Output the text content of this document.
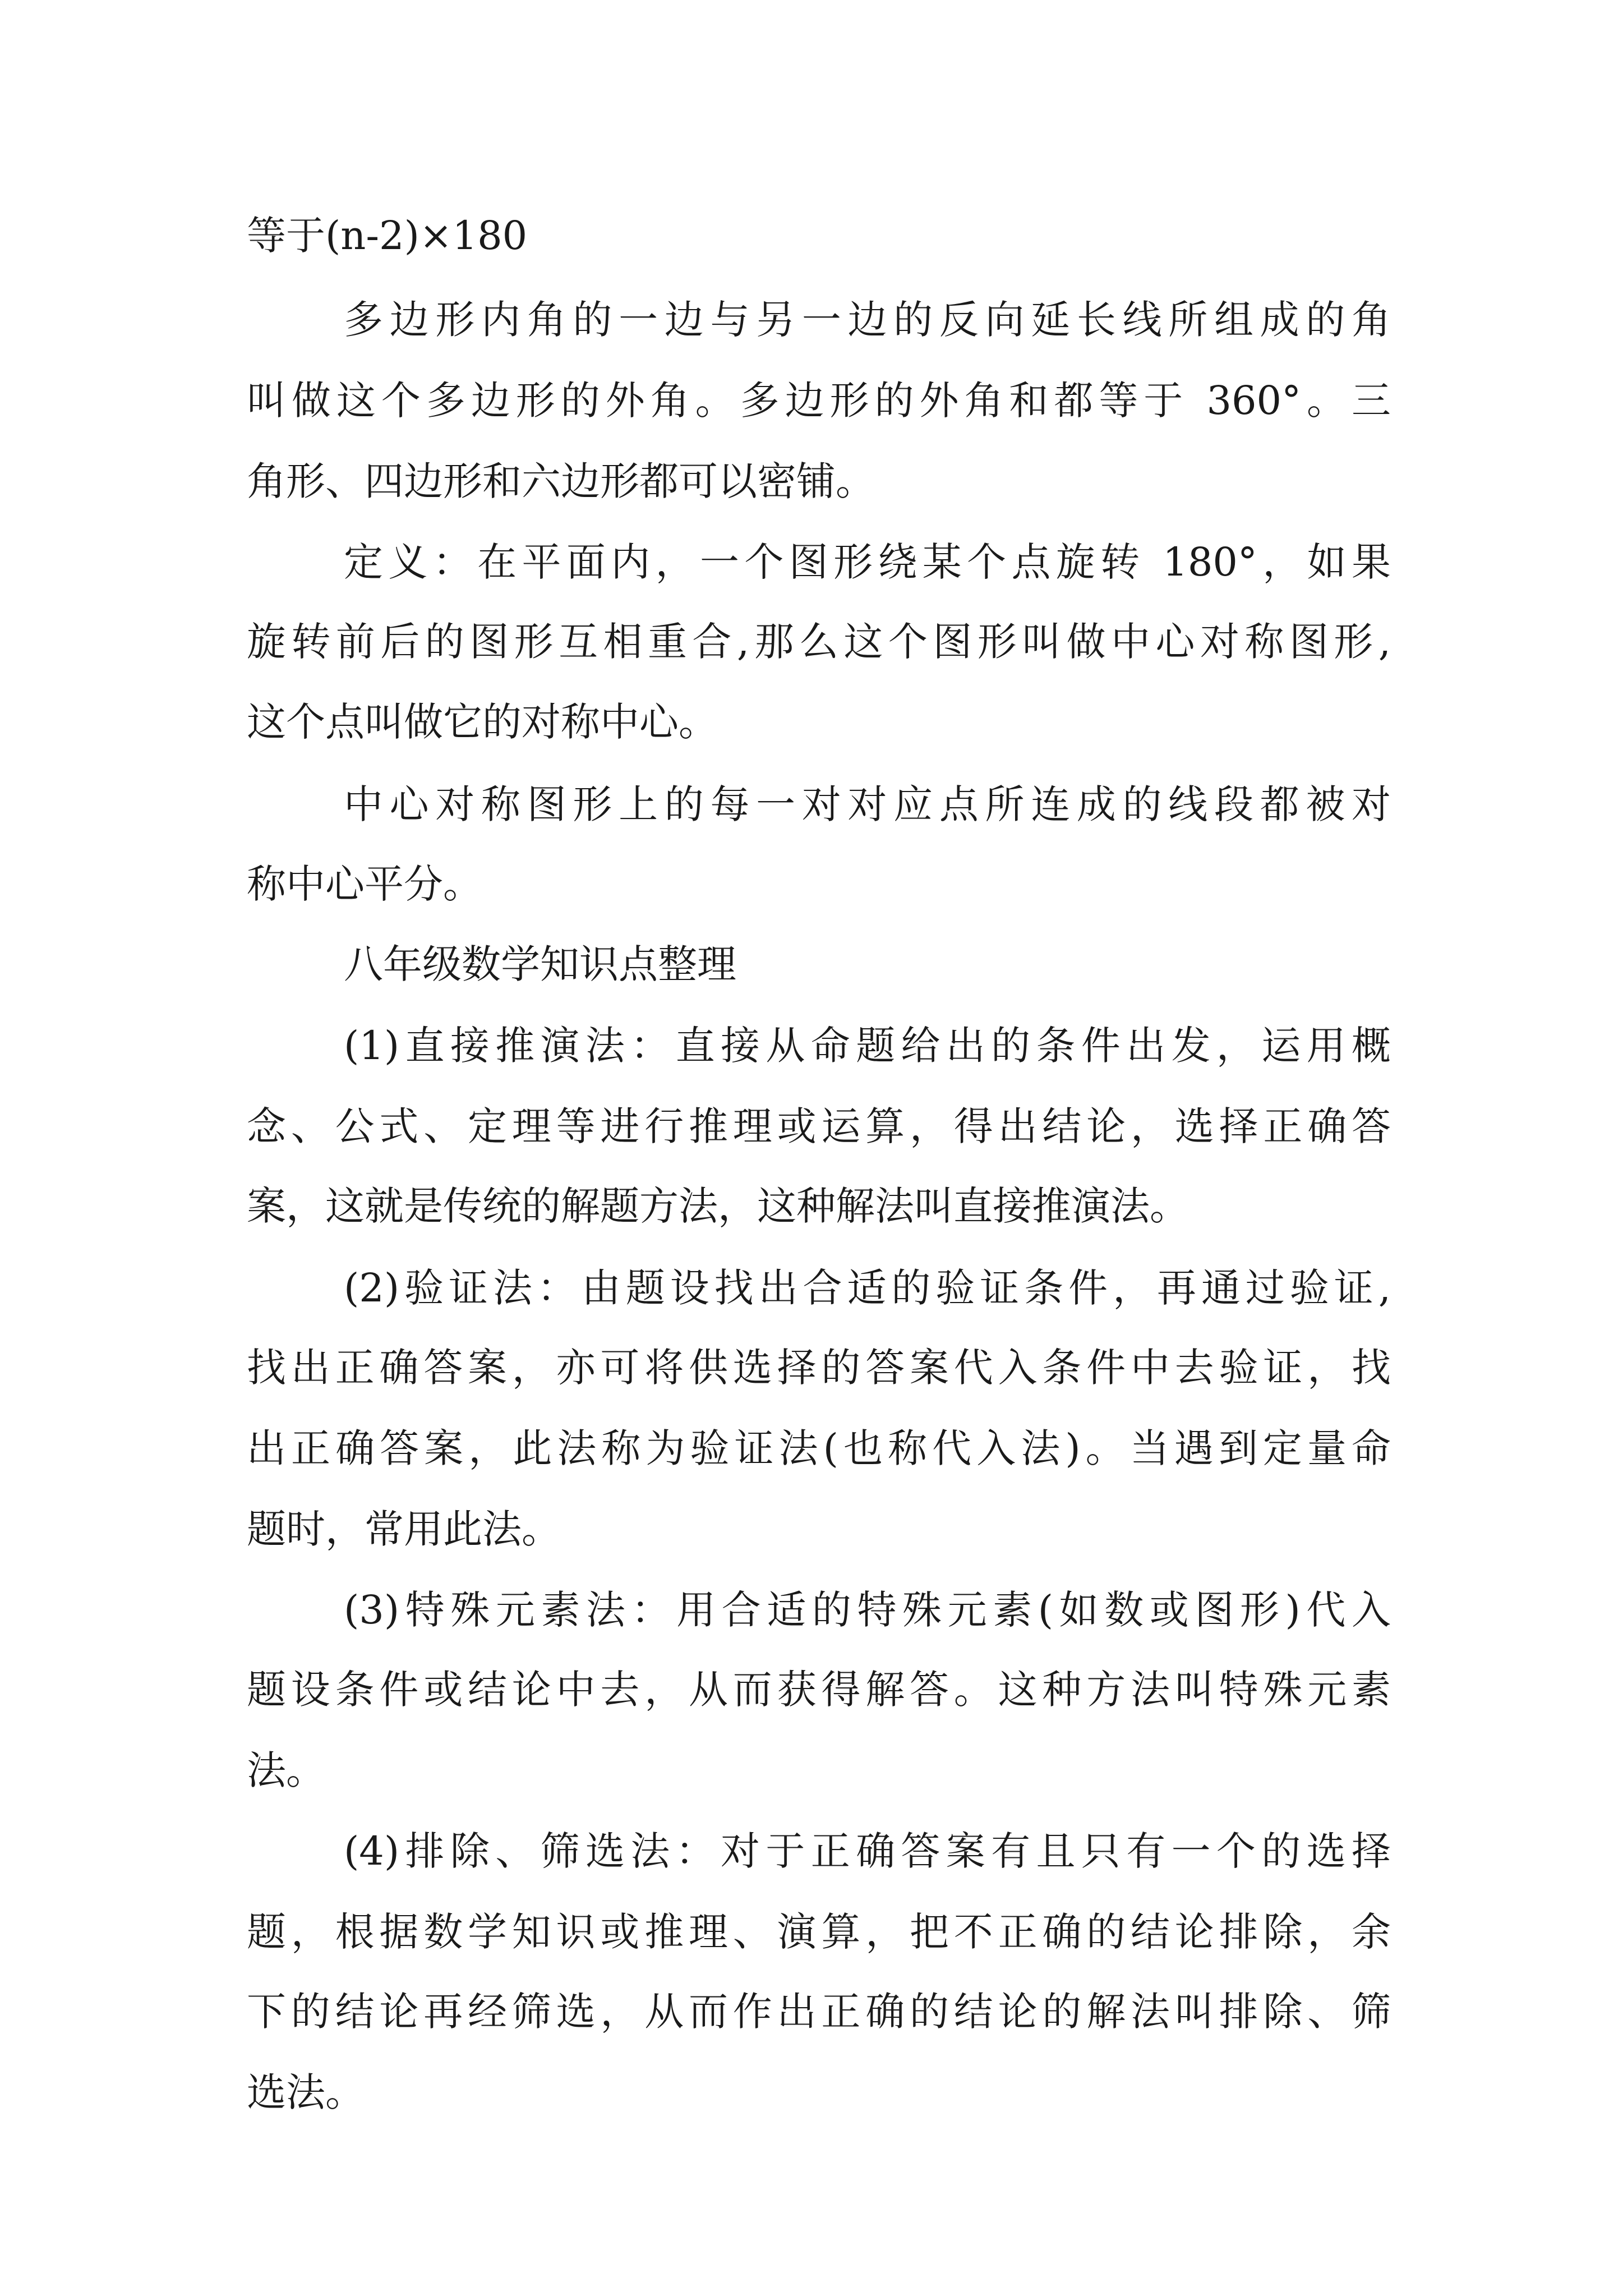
等于(n-2)×180
多边形内角的一边与另一边的反向延长线所组成的角
叫做这个多边形的外角。多边形的外角和都等于 360°。三
角形、四边形和六边形都可以密铺。
定义：在平面内，一个图形绕某个点旋转 180°，如果
旋转前后的图形互相重合,那么这个图形叫做中心对称图形,
这个点叫做它的对称中心。
中心对称图形上的每一对对应点所连成的线段都被对
称中心平分。
八年级数学知识点整理
(1)直接推演法：直接从命题给出的条件出发，运用概
念、公式、定理等进行推理或运算，得出结论，选择正确答
案，这就是传统的解题方法，这种解法叫直接推演法。
(2)验证法：由题设找出合适的验证条件，再通过验证,
找出正确答案，亦可将供选择的答案代入条件中去验证，找
出正确答案，此法称为验证法(也称代入法)。当遇到定量命
题时，常用此法。
(3)特殊元素法：用合适的特殊元素(如数或图形)代入
题设条件或结论中去，从而获得解答。这种方法叫特殊元素
法。
(4)排除、筛选法：对于正确答案有且只有一个的选择
题，根据数学知识或推理、演算，把不正确的结论排除，余
下的结论再经筛选，从而作出正确的结论的解法叫排除、筛
选法。
